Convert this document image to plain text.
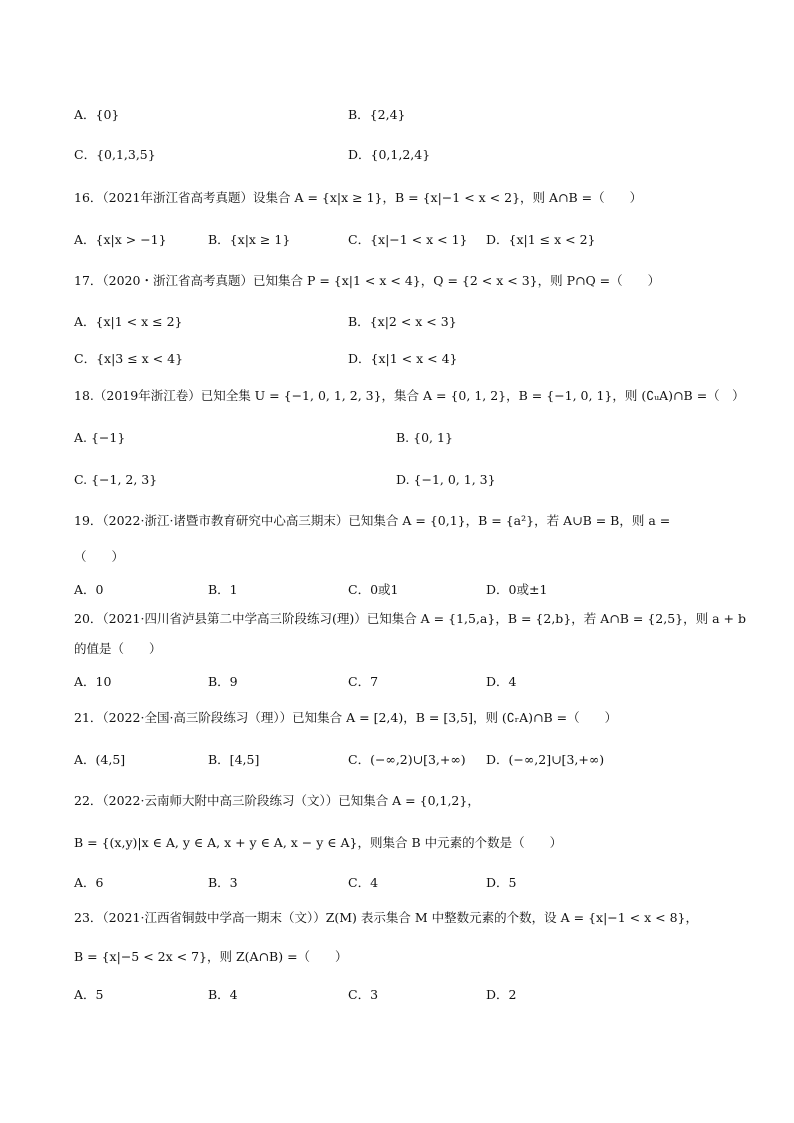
A．{0}	B．{2,4}
C．{0,1,3,5}	D．{0,1,2,4}
16．（2021年浙江省高考真题）设集合 A = {x|x ≥ 1}，B = {x|−1 < x < 2}，则 A∩B =（　　）
A．{x|x > −1}	B．{x|x ≥ 1}	C．{x|−1 < x < 1} D．{x|1 ≤ x < 2}
17．（2020・浙江省高考真题）已知集合 P = {x|1 < x < 4}，Q = {2 < x < 3}，则 P∩Q =（　　）
A．{x|1 < x ≤ 2}	B．{x|2 < x < 3}
C．{x|3 ≤ x < 4}	D．{x|1 < x < 4}
18.（2019年浙江卷）已知全集 U = {−1, 0, 1, 2, 3}，集合 A = {0, 1, 2}，B = {−1, 0, 1}，则 (∁ᵤA)∩B =（　）
A. {−1}	B. {0, 1}
C. {−1, 2, 3}	D. {−1, 0, 1, 3}
19．（2022·浙江·诸暨市教育研究中心高三期末）已知集合 A = {0,1}，B = {a²}，若 A∪B = B，则 a =
（　　）
A．0	B．1	C．0或1	D．0或±1
20．（2021·四川省泸县第二中学高三阶段练习(理)）已知集合 A = {1,5,a}，B = {2,b}，若 A∩B = {2,5}，则 a + b
的值是（　　）
A．10	B．9	C．7	D．4
21．（2022·全国·高三阶段练习（理））已知集合 A = [2,4)，B = [3,5]，则 (∁ᵣA)∩B =（　　）
A．(4,5]	B．[4,5]	C．(−∞,2)∪[3,+∞) D．(−∞,2]∪[3,+∞)
22．（2022·云南师大附中高三阶段练习（文））已知集合 A = {0,1,2}，
B = {(x,y)|x ∈ A, y ∈ A, x + y ∈ A, x − y ∈ A}，则集合 B 中元素的个数是（　　）
A．6	B．3	C．4	D．5
23．（2021·江西省铜鼓中学高一期末（文））Z(M) 表示集合 M 中整数元素的个数，设 A = {x|−1 < x < 8}，
B = {x|−5 < 2x < 7}，则 Z(A∩B) =（　　）
A．5	B．4	C．3	D．2
